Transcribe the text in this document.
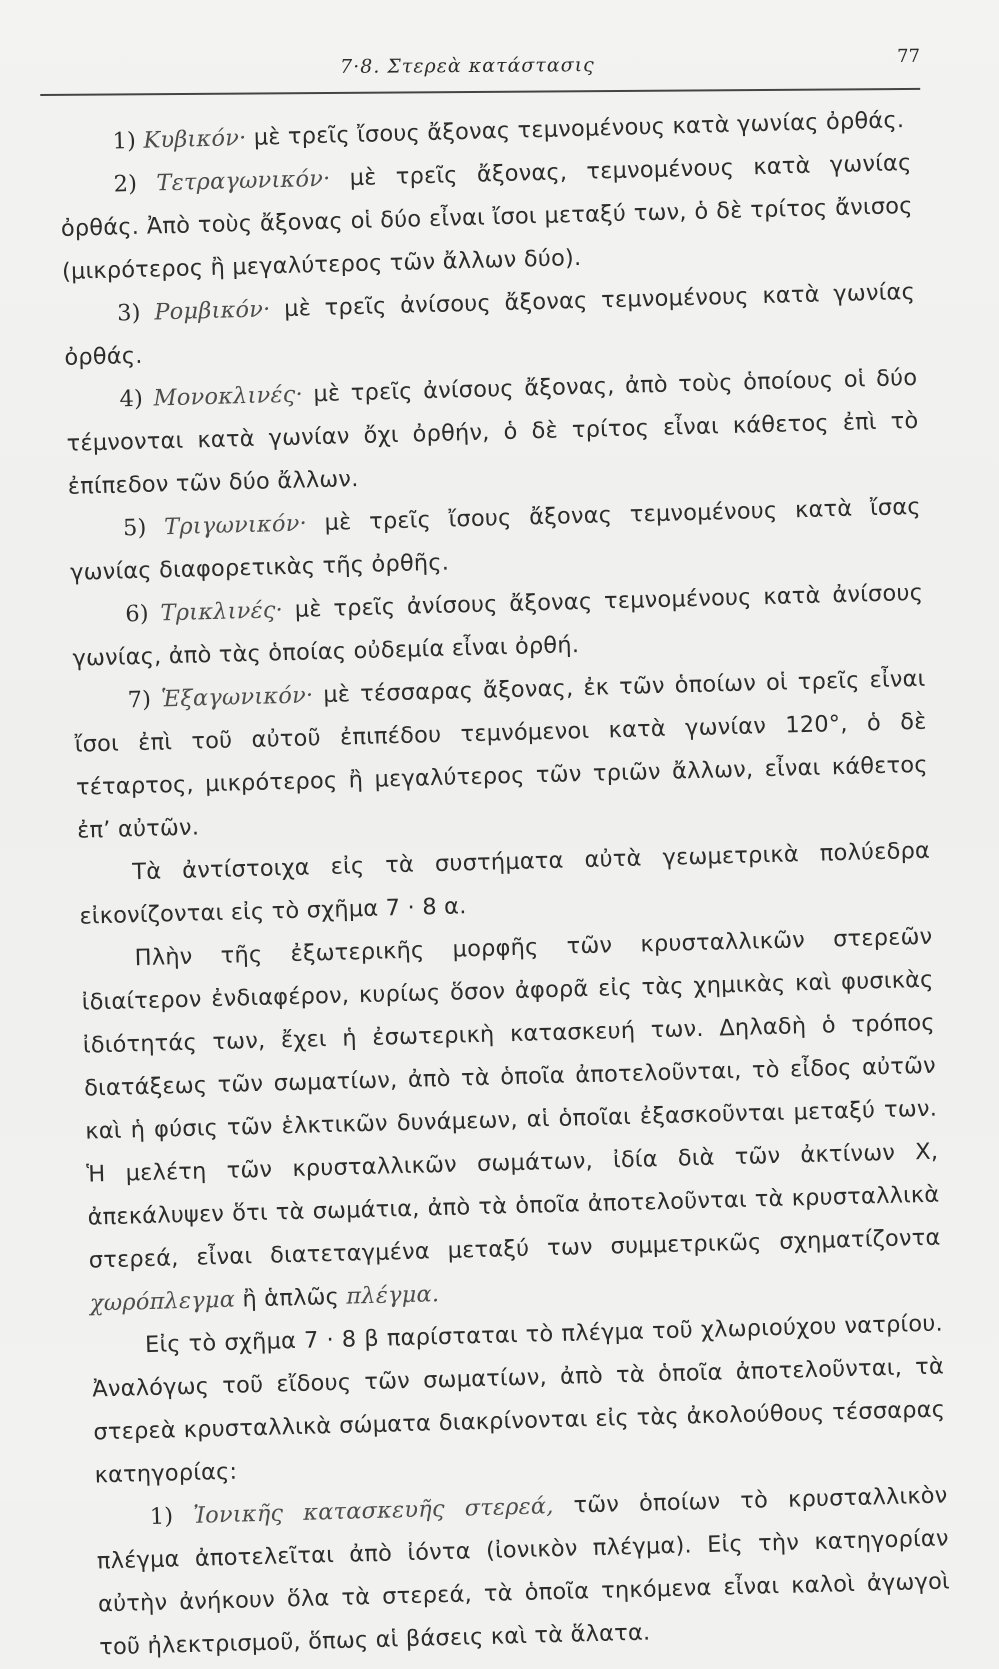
7·8. Στερεὰ κατάστασις	77

1) Κυβικόν· μὲ τρεῖς ἴσους ἄξονας τεμνομένους κατὰ γωνίας ὀρθάς.

2) Τετραγωνικόν· μὲ τρεῖς ἄξονας, τεμνομένους κατὰ γωνίας ὀρθάς. Ἀπὸ τοὺς ἄξονας οἱ δύο εἶναι ἴσοι μεταξύ των, ὁ δὲ τρίτος ἄνισος (μικρότερος ἢ μεγαλύτερος τῶν ἄλλων δύο).

3) Ρομβικόν· μὲ τρεῖς ἀνίσους ἄξονας τεμνομένους κατὰ γωνίας ὀρθάς.

4) Μονοκλινές· μὲ τρεῖς ἀνίσους ἄξονας, ἀπὸ τοὺς ὁποίους οἱ δύο τέμνονται κατὰ γωνίαν ὄχι ὀρθήν, ὁ δὲ τρίτος εἶναι κάθετος ἐπὶ τὸ ἐπίπεδον τῶν δύο ἄλλων.

5) Τριγωνικόν· μὲ τρεῖς ἴσους ἄξονας τεμνομένους κατὰ ἴσας γωνίας διαφορετικὰς τῆς ὀρθῆς.

6) Τρικλινές· μὲ τρεῖς ἀνίσους ἄξονας τεμνομένους κατὰ ἀνίσους γωνίας, ἀπὸ τὰς ὁποίας οὐδεμία εἶναι ὀρθή.

7) Ἑξαγωνικόν· μὲ τέσσαρας ἄξονας, ἐκ τῶν ὁποίων οἱ τρεῖς εἶναι ἴσοι ἐπὶ τοῦ αὐτοῦ ἐπιπέδου τεμνόμενοι κατὰ γωνίαν 120°, ὁ δὲ τέταρτος, μικρότερος ἢ μεγαλύτερος τῶν τριῶν ἄλλων, εἶναι κάθετος ἐπ’ αὐτῶν.

Τὰ ἀντίστοιχα εἰς τὰ συστήματα αὐτὰ γεωμετρικὰ πολύεδρα εἰκονίζονται εἰς τὸ σχῆμα 7 · 8 α.

Πλὴν τῆς ἐξωτερικῆς μορφῆς τῶν κρυσταλλικῶν στερεῶν ἰδιαίτερον ἐνδιαφέρον, κυρίως ὅσον ἀφορᾶ εἰς τὰς χημικὰς καὶ φυσικὰς ἰδιότητάς των, ἔχει ἡ ἐσωτερικὴ κατασκευή των. Δηλαδὴ ὁ τρόπος διατάξεως τῶν σωματίων, ἀπὸ τὰ ὁποῖα ἀποτελοῦνται, τὸ εἶδος αὐτῶν καὶ ἡ φύσις τῶν ἑλκτικῶν δυνάμεων, αἱ ὁποῖαι ἐξασκοῦνται μεταξύ των. Ἡ μελέτη τῶν κρυσταλλικῶν σωμάτων, ἰδία διὰ τῶν ἀκτίνων Χ, ἀπεκάλυψεν ὅτι τὰ σωμάτια, ἀπὸ τὰ ὁποῖα ἀποτελοῦνται τὰ κρυσταλλικὰ στερεά, εἶναι διατεταγμένα μεταξύ των συμμετρικῶς σχηματίζοντα χωρόπλεγμα ἢ ἁπλῶς πλέγμα.

Εἰς τὸ σχῆμα 7 · 8 β παρίσταται τὸ πλέγμα τοῦ χλωριούχου νατρίου. Ἀναλόγως τοῦ εἴδους τῶν σωματίων, ἀπὸ τὰ ὁποῖα ἀποτελοῦνται, τὰ στερεὰ κρυσταλλικὰ σώματα διακρίνονται εἰς τὰς ἀκολούθους τέσσαρας κατηγορίας:

1) Ἰονικῆς κατασκευῆς στερεά, τῶν ὁποίων τὸ κρυσταλλικὸν πλέγμα ἀποτελεῖται ἀπὸ ἰόντα (ἰονικὸν πλέγμα). Εἰς τὴν κατηγορίαν αὐτὴν ἀνήκουν ὅλα τὰ στερεά, τὰ ὁποῖα τηκόμενα εἶναι καλοὶ ἀγωγοὶ τοῦ ἠλεκτρισμοῦ, ὅπως αἱ βάσεις καὶ τὰ ἅλατα.
